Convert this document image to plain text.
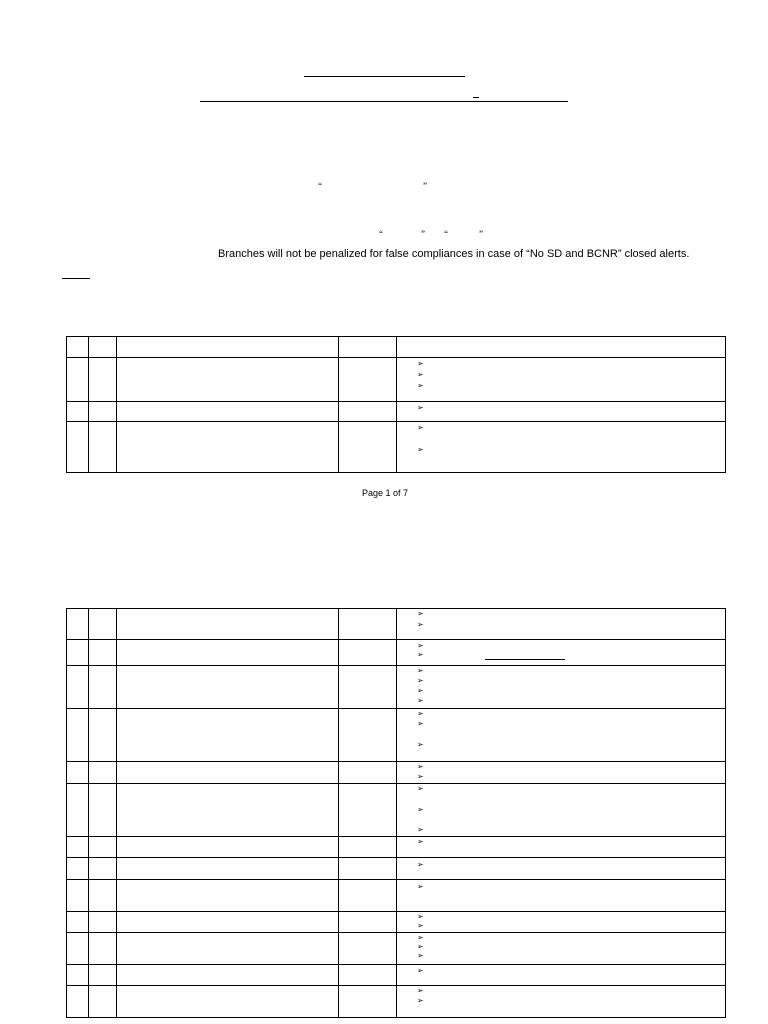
“	”
“	” “	”
Branches will not be penalized for false compliances in case of “No SD and BCNR” closed alerts.

				➢
➢
➢

				➢

				➢
➢
Page 1 of 7

				➢
➢

				➢
➢

				➢
➢
➢
➢

				➢
➢
➢

				➢
➢

				➢
➢
➢

				➢

				➢

				➢

				➢
➢

				➢
➢
➢

				➢

				➢
➢
